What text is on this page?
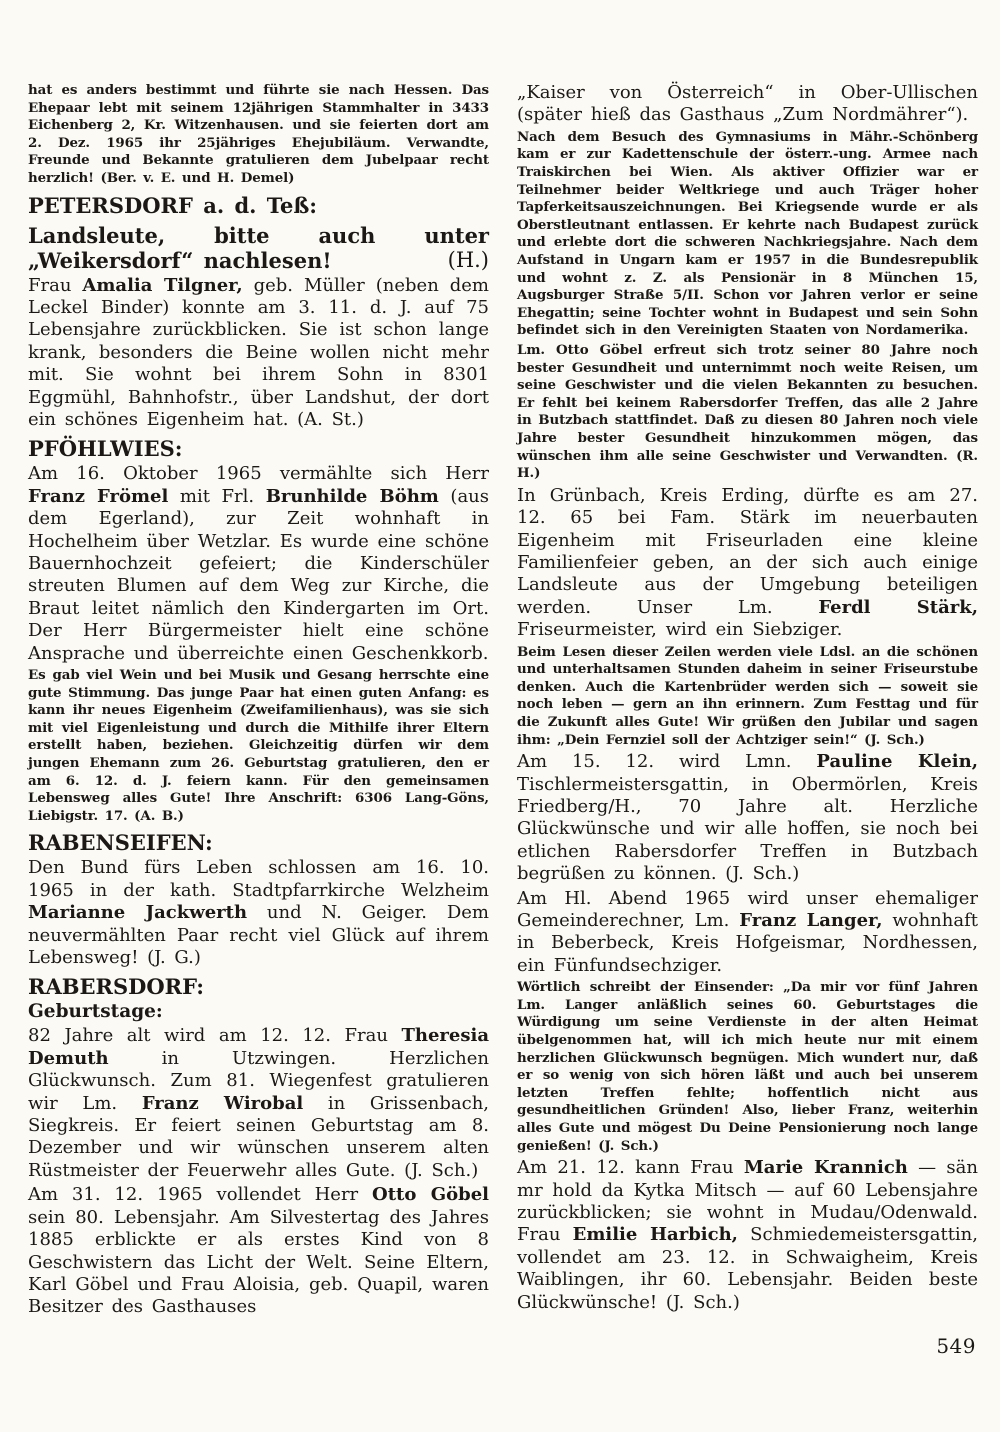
hat es anders bestimmt und führte sie nach Hessen. Das Ehepaar lebt mit seinem 12jährigen Stammhalter in 3433 Eichenberg 2, Kr. Witzenhausen. und sie feierten dort am 2. Dez. 1965 ihr 25jähriges Ehejubiläum. Verwandte, Freunde und Bekannte gratulieren dem Jubelpaar recht herzlich! (Ber. v. E. und H. Demel)
PETERSDORF a. d. Teß:
Landsleute, bitte auch unter „Weikersdorf“ nachlesen!	(H.)
Frau Amalia Tilgner, geb. Müller (neben dem Leckel Binder) konnte am 3. 11. d. J. auf 75 Lebensjahre zurückblicken. Sie ist schon lange krank, besonders die Beine wollen nicht mehr mit. Sie wohnt bei ihrem Sohn in 8301 Eggmühl, Bahnhofstr., über Landshut, der dort ein schönes Eigenheim hat. (A. St.)
PFÖHLWIES:
Am 16. Oktober 1965 vermählte sich Herr Franz Frömel mit Frl. Brunhilde Böhm (aus dem Egerland), zur Zeit wohnhaft in Hochelheim über Wetzlar. Es wurde eine schöne Bauernhochzeit gefeiert; die Kinderschüler streuten Blumen auf dem Weg zur Kirche, die Braut leitet nämlich den Kindergarten im Ort. Der Herr Bürgermeister hielt eine schöne Ansprache und überreichte einen Geschenkkorb.
Es gab viel Wein und bei Musik und Gesang herrschte eine gute Stimmung. Das junge Paar hat einen guten Anfang: es kann ihr neues Eigenheim (Zweifamilienhaus), was sie sich mit viel Eigenleistung und durch die Mithilfe ihrer Eltern erstellt haben, beziehen. Gleichzeitig dürfen wir dem jungen Ehemann zum 26. Geburtstag gratulieren, den er am 6. 12. d. J. feiern kann. Für den gemeinsamen Lebensweg alles Gute! Ihre Anschrift: 6306 Lang-Göns, Liebigstr. 17. (A. B.)
RABENSEIFEN:
Den Bund fürs Leben schlossen am 16. 10. 1965 in der kath. Stadtpfarrkirche Welzheim Marianne Jackwerth und N. Geiger. Dem neuvermählten Paar recht viel Glück auf ihrem Lebensweg! (J. G.)
RABERSDORF:
Geburtstage:
82 Jahre alt wird am 12. 12. Frau Theresia Demuth in Utzwingen. Herzlichen Glückwunsch. Zum 81. Wiegenfest gratulieren wir Lm. Franz Wirobal in Grissenbach, Siegkreis. Er feiert seinen Geburtstag am 8. Dezember und wir wünschen unserem alten Rüstmeister der Feuerwehr alles Gute. (J. Sch.)
Am 31. 12. 1965 vollendet Herr Otto Göbel sein 80. Lebensjahr. Am Silvestertag des Jahres 1885 erblickte er als erstes Kind von 8 Geschwistern das Licht der Welt. Seine Eltern, Karl Göbel und Frau Aloisia, geb. Quapil, waren Besitzer des Gasthauses
„Kaiser von Österreich“ in Ober-Ullischen (später hieß das Gasthaus „Zum Nordmährer“).
Nach dem Besuch des Gymnasiums in Mähr.-Schönberg kam er zur Kadettenschule der österr.-ung. Armee nach Traiskirchen bei Wien. Als aktiver Offizier war er Teilnehmer beider Weltkriege und auch Träger hoher Tapferkeitsauszeichnungen. Bei Kriegsende wurde er als Oberstleutnant entlassen. Er kehrte nach Budapest zurück und erlebte dort die schweren Nachkriegsjahre. Nach dem Aufstand in Ungarn kam er 1957 in die Bundesrepublik und wohnt z. Z. als Pensionär in 8 München 15, Augsburger Straße 5/II. Schon vor Jahren verlor er seine Ehegattin; seine Tochter wohnt in Budapest und sein Sohn befindet sich in den Vereinigten Staaten von Nordamerika.
Lm. Otto Göbel erfreut sich trotz seiner 80 Jahre noch bester Gesundheit und unternimmt noch weite Reisen, um seine Geschwister und die vielen Bekannten zu besuchen. Er fehlt bei keinem Rabersdorfer Treffen, das alle 2 Jahre in Butzbach stattfindet. Daß zu diesen 80 Jahren noch viele Jahre bester Gesundheit hinzukommen mögen, das wünschen ihm alle seine Geschwister und Verwandten. (R. H.)
In Grünbach, Kreis Erding, dürfte es am 27. 12. 65 bei Fam. Stärk im neuerbauten Eigenheim mit Friseurladen eine kleine Familienfeier geben, an der sich auch einige Landsleute aus der Umgebung beteiligen werden. Unser Lm. Ferdl Stärk, Friseurmeister, wird ein Siebziger.
Beim Lesen dieser Zeilen werden viele Ldsl. an die schönen und unterhaltsamen Stunden daheim in seiner Friseurstube denken. Auch die Kartenbrüder werden sich — soweit sie noch leben — gern an ihn erinnern. Zum Festtag und für die Zukunft alles Gute! Wir grüßen den Jubilar und sagen ihm: „Dein Fernziel soll der Achtziger sein!“ (J. Sch.)
Am 15. 12. wird Lmn. Pauline Klein, Tischlermeistersgattin, in Obermörlen, Kreis Friedberg/H., 70 Jahre alt. Herzliche Glückwünsche und wir alle hoffen, sie noch bei etlichen Rabersdorfer Treffen in Butzbach begrüßen zu können. (J. Sch.)
Am Hl. Abend 1965 wird unser ehemaliger Gemeinderechner, Lm. Franz Langer, wohnhaft in Beberbeck, Kreis Hofgeismar, Nordhessen, ein Fünfundsechziger.
Wörtlich schreibt der Einsender: „Da mir vor fünf Jahren Lm. Langer anläßlich seines 60. Geburtstages die Würdigung um seine Verdienste in der alten Heimat übelgenommen hat, will ich mich heute nur mit einem herzlichen Glückwunsch begnügen. Mich wundert nur, daß er so wenig von sich hören läßt und auch bei unserem letzten Treffen fehlte; hoffentlich nicht aus gesundheitlichen Gründen! Also, lieber Franz, weiterhin alles Gute und mögest Du Deine Pensionierung noch lange genießen! (J. Sch.)
Am 21. 12. kann Frau Marie Krannich — sän mr hold da Kytka Mitsch — auf 60 Lebensjahre zurückblicken; sie wohnt in Mudau/Odenwald. Frau Emilie Harbich, Schmiedemeistersgattin, vollendet am 23. 12. in Schwaigheim, Kreis Waiblingen, ihr 60. Lebensjahr. Beiden beste Glückwünsche! (J. Sch.)
549
